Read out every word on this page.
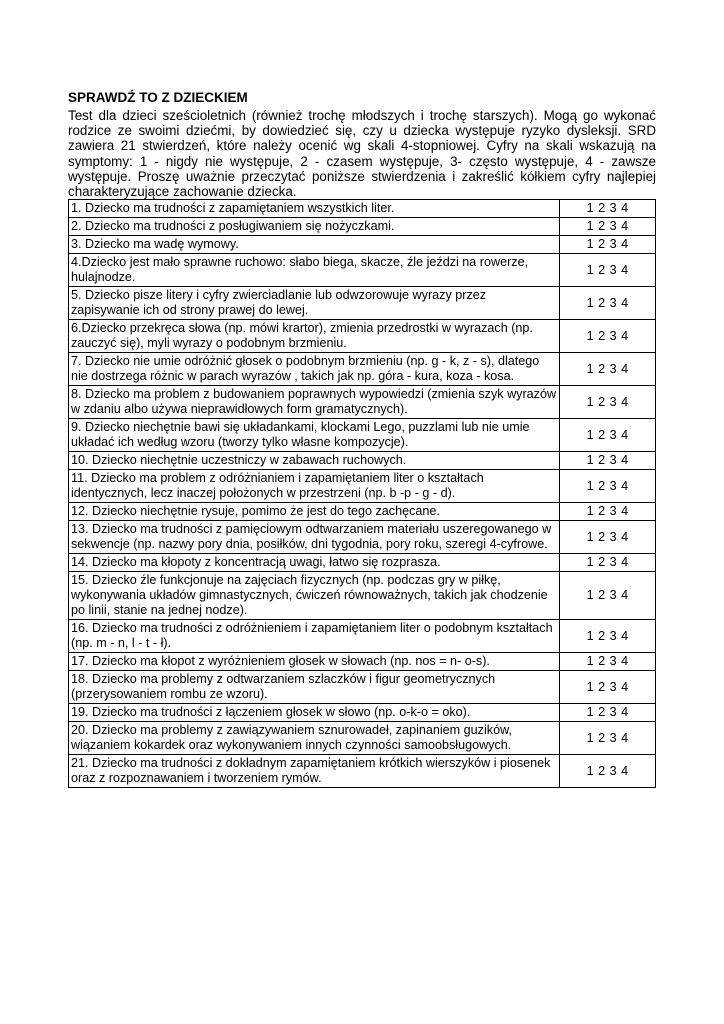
SPRAWDŹ TO Z DZIECKIEM
Test dla dzieci sześcioletnich (również trochę młodszych i trochę starszych). Mogą go wykonać rodzice ze swoimi dziećmi, by dowiedzieć się, czy u dziecka występuje ryzyko dysleksji. SRD zawiera 21 stwierdzeń, które należy ocenić wg skali 4-stopniowej. Cyfry na skali wskazują na symptomy: 1 - nigdy nie występuje, 2 - czasem występuje, 3- często występuje, 4 - zawsze występuje. Proszę uważnie przeczytać poniższe stwierdzenia i zakreślić kółkiem cyfry najlepiej charakteryzujące zachowanie dziecka.
1. Dziecko ma trudności z zapamiętaniem wszystkich liter.	1 2 3 4
2. Dziecko ma trudności z posługiwaniem się nożyczkami.	1 2 3 4
3. Dziecko ma wadę wymowy.	1 2 3 4
4.Dziecko jest mało sprawne ruchowo: słabo biega, skacze, źle jeździ na rowerze, hulajnodze.	1 2 3 4
5. Dziecko pisze litery i cyfry zwierciadlanie lub odwzorowuje wyrazy przez zapisywanie ich od strony prawej do lewej.	1 2 3 4
6.Dziecko przekręca słowa (np. mówi krartor), zmienia przedrostki w wyrazach (np. zauczyć się), myli wyrazy o podobnym brzmieniu.	1 2 3 4
7. Dziecko nie umie odróżnić głosek o podobnym brzmieniu (np. g - k, z - s), dlatego nie dostrzega różnic w parach wyrazów , takich jak np. góra - kura, koza - kosa.	1 2 3 4
8. Dziecko ma problem z budowaniem poprawnych wypowiedzi (zmienia szyk wyrazów w zdaniu albo używa nieprawidłowych form gramatycznych).	1 2 3 4
9. Dziecko niechętnie bawi się układankami, klockami Lego, puzzlami lub nie umie układać ich według wzoru (tworzy tylko własne kompozycje).	1 2 3 4
10. Dziecko niechętnie uczestniczy w zabawach ruchowych.	1 2 3 4
11. Dziecko ma problem z odróżnianiem i zapamiętaniem liter o kształtach identycznych, lecz inaczej położonych w przestrzeni (np. b -p - g - d).	1 2 3 4
12. Dziecko niechętnie rysuje, pomimo że jest do tego zachęcane.	1 2 3 4
13. Dziecko ma trudności z pamięciowym odtwarzaniem materiału uszeregowanego w sekwencje (np. nazwy pory dnia, posiłków, dni tygodnia, pory roku, szeregi 4-cyfrowe.	1 2 3 4
14. Dziecko ma kłopoty z koncentracją uwagi, łatwo się rozprasza.	1 2 3 4
15. Dziecko źle funkcjonuje na zajęciach fizycznych (np. podczas gry w piłkę, wykonywania układów gimnastycznych, ćwiczeń równoważnych, takich jak chodzenie po linii, stanie na jednej nodze).	1 2 3 4
16. Dziecko ma trudności z odróżnieniem i zapamiętaniem liter o podobnym kształtach (np. m - n, l - t - ł).	1 2 3 4
17. Dziecko ma kłopot z wyróżnieniem głosek w słowach (np. nos = n- o-s).	1 2 3 4
18. Dziecko ma problemy z odtwarzaniem szlaczków i figur geometrycznych (przerysowaniem rombu ze wzoru).	1 2 3 4
19. Dziecko ma trudności z łączeniem głosek w słowo (np. o-k-o = oko).	1 2 3 4
20. Dziecko ma problemy z zawiązywaniem sznurowadeł, zapinaniem guzików, wiązaniem kokardek oraz wykonywaniem innych czynności samoobsługowych.	1 2 3 4
21. Dziecko ma trudności z dokładnym zapamiętaniem krótkich wierszyków i piosenek oraz z rozpoznawaniem i tworzeniem rymów.	1 2 3 4
